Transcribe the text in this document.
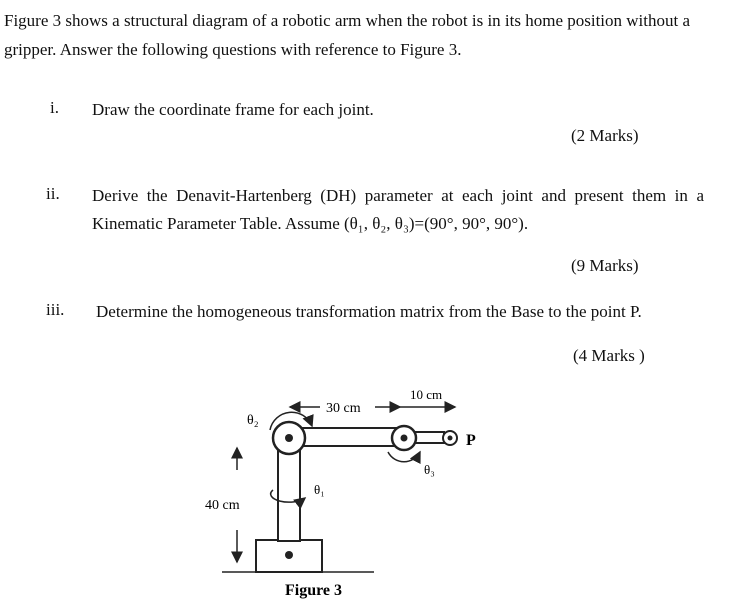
Figure 3 shows a structural diagram of a robotic arm when the robot is in its home position without a gripper. Answer the following questions with reference to Figure 3.
i. Draw the coordinate frame for each joint.
(2 Marks)
ii. Derive the Denavit-Hartenberg (DH) parameter at each joint and present them in a Kinematic Parameter Table. Assume (θ₁, θ₂, θ₃)=(90°, 90°, 90°).
(9 Marks)
iii. Determine the homogeneous transformation matrix from the Base to the point P.
(4 Marks )
P
θ₂
θ₃
θ₁
30 cm
10 cm
40 cm
Figure 3
